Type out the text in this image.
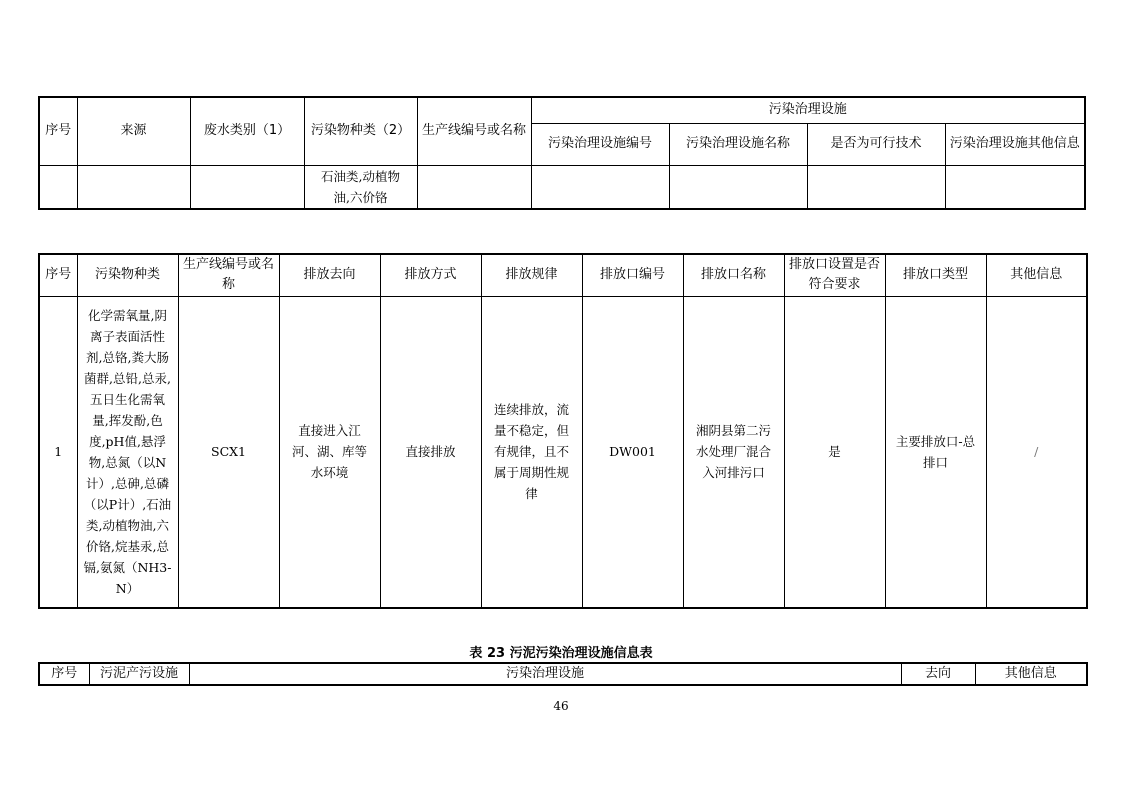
序号	来源	废水类别（1）	污染物种类（2）	生产线编号或名称	污染治理设施			
					污染治理设施编号	污染治理设施名称	是否为可行技术	污染治理设施其他信息
			石油类,动植物油,六价铬					
序号	污染物种类	生产线编号或名称	排放去向	排放方式	排放规律	排放口编号	排放口名称	排放口设置是否符合要求	排放口类型	其他信息
1	化学需氧量,阴离子表面活性剂,总铬,粪大肠菌群,总铅,总汞,五日生化需氧量,挥发酚,色度,pH值,悬浮物,总氮（以N计）,总砷,总磷（以P计）,石油类,动植物油,六价铬,烷基汞,总镉,氨氮（NH3-N）	SCX1	直接进入江河、湖、库等水环境	直接排放	连续排放，流量不稳定，但有规律，且不属于周期性规律	DW001	湘阴县第二污水处理厂混合入河排污口	是	主要排放口-总排口	/
表 23 污泥污染治理设施信息表
序号	污泥产污设施	污染治理设施	去向	其他信息
46
